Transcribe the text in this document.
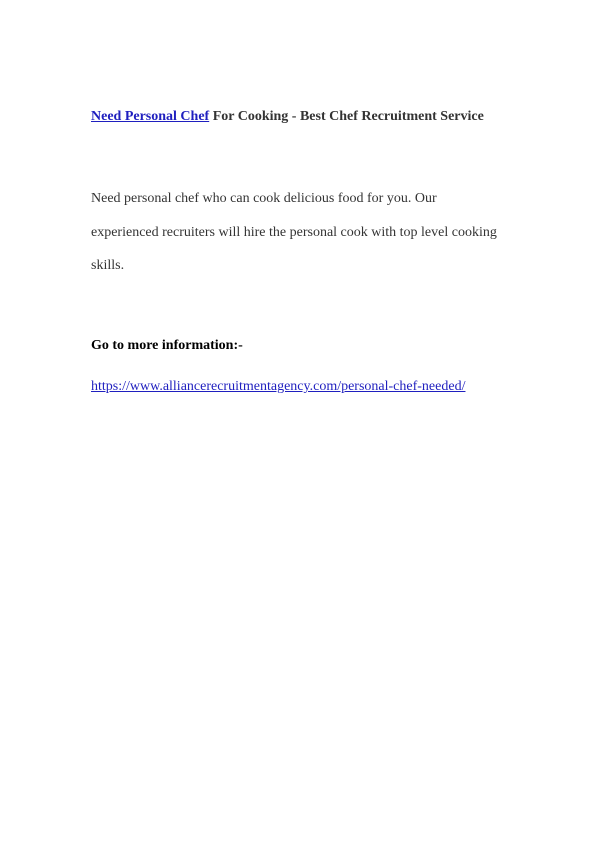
Need Personal Chef For Cooking - Best Chef Recruitment Service
Need personal chef who can cook delicious food for you. Our
experienced recruiters will hire the personal cook with top level cooking
skills.
Go to more information:-
https://www.alliancerecruitmentagency.com/personal-chef-needed/
